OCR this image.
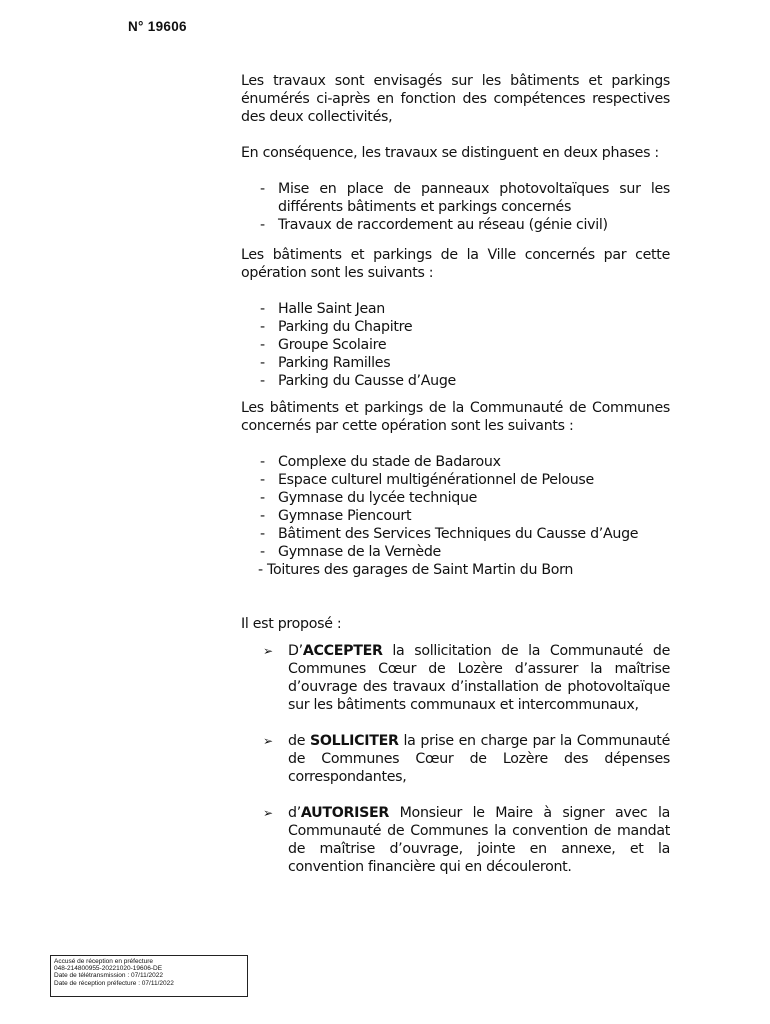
N° 19606

Les travaux sont envisagés sur les bâtiments et parkings énumérés ci-après en fonction des compétences respectives des deux collectivités,

En conséquence, les travaux se distinguent en deux phases :

- Mise en place de panneaux photovoltaïques sur les différents bâtiments et parkings concernés
- Travaux de raccordement au réseau (génie civil)

Les bâtiments et parkings de la Ville concernés par cette opération sont les suivants :

- Halle Saint Jean
- Parking du Chapitre
- Groupe Scolaire
- Parking Ramilles
- Parking du Causse d’Auge

Les bâtiments et parkings de la Communauté de Communes concernés par cette opération sont les suivants :

- Complexe du stade de Badaroux
- Espace culturel multigénérationnel de Pelouse
- Gymnase du lycée technique
- Gymnase Piencourt
- Bâtiment des Services Techniques du Causse d’Auge
- Gymnase de la Vernède
- Toitures des garages de Saint Martin du Born

Il est proposé :

➢ D’ACCEPTER la sollicitation de la Communauté de Communes Cœur de Lozère d’assurer la maîtrise d’ouvrage des travaux d’installation de photovoltaïque sur les bâtiments communaux et intercommunaux,
➢ de SOLLICITER la prise en charge par la Communauté de Communes Cœur de Lozère des dépenses correspondantes,
➢ d’AUTORISER Monsieur le Maire à signer avec la Communauté de Communes la convention de mandat de maîtrise d’ouvrage, jointe en annexe, et la convention financière qui en découleront.
Accusé de réception en préfecture
048-214800955-20221020-19606-DE
Date de télétransmission : 07/11/2022
Date de réception préfecture : 07/11/2022
